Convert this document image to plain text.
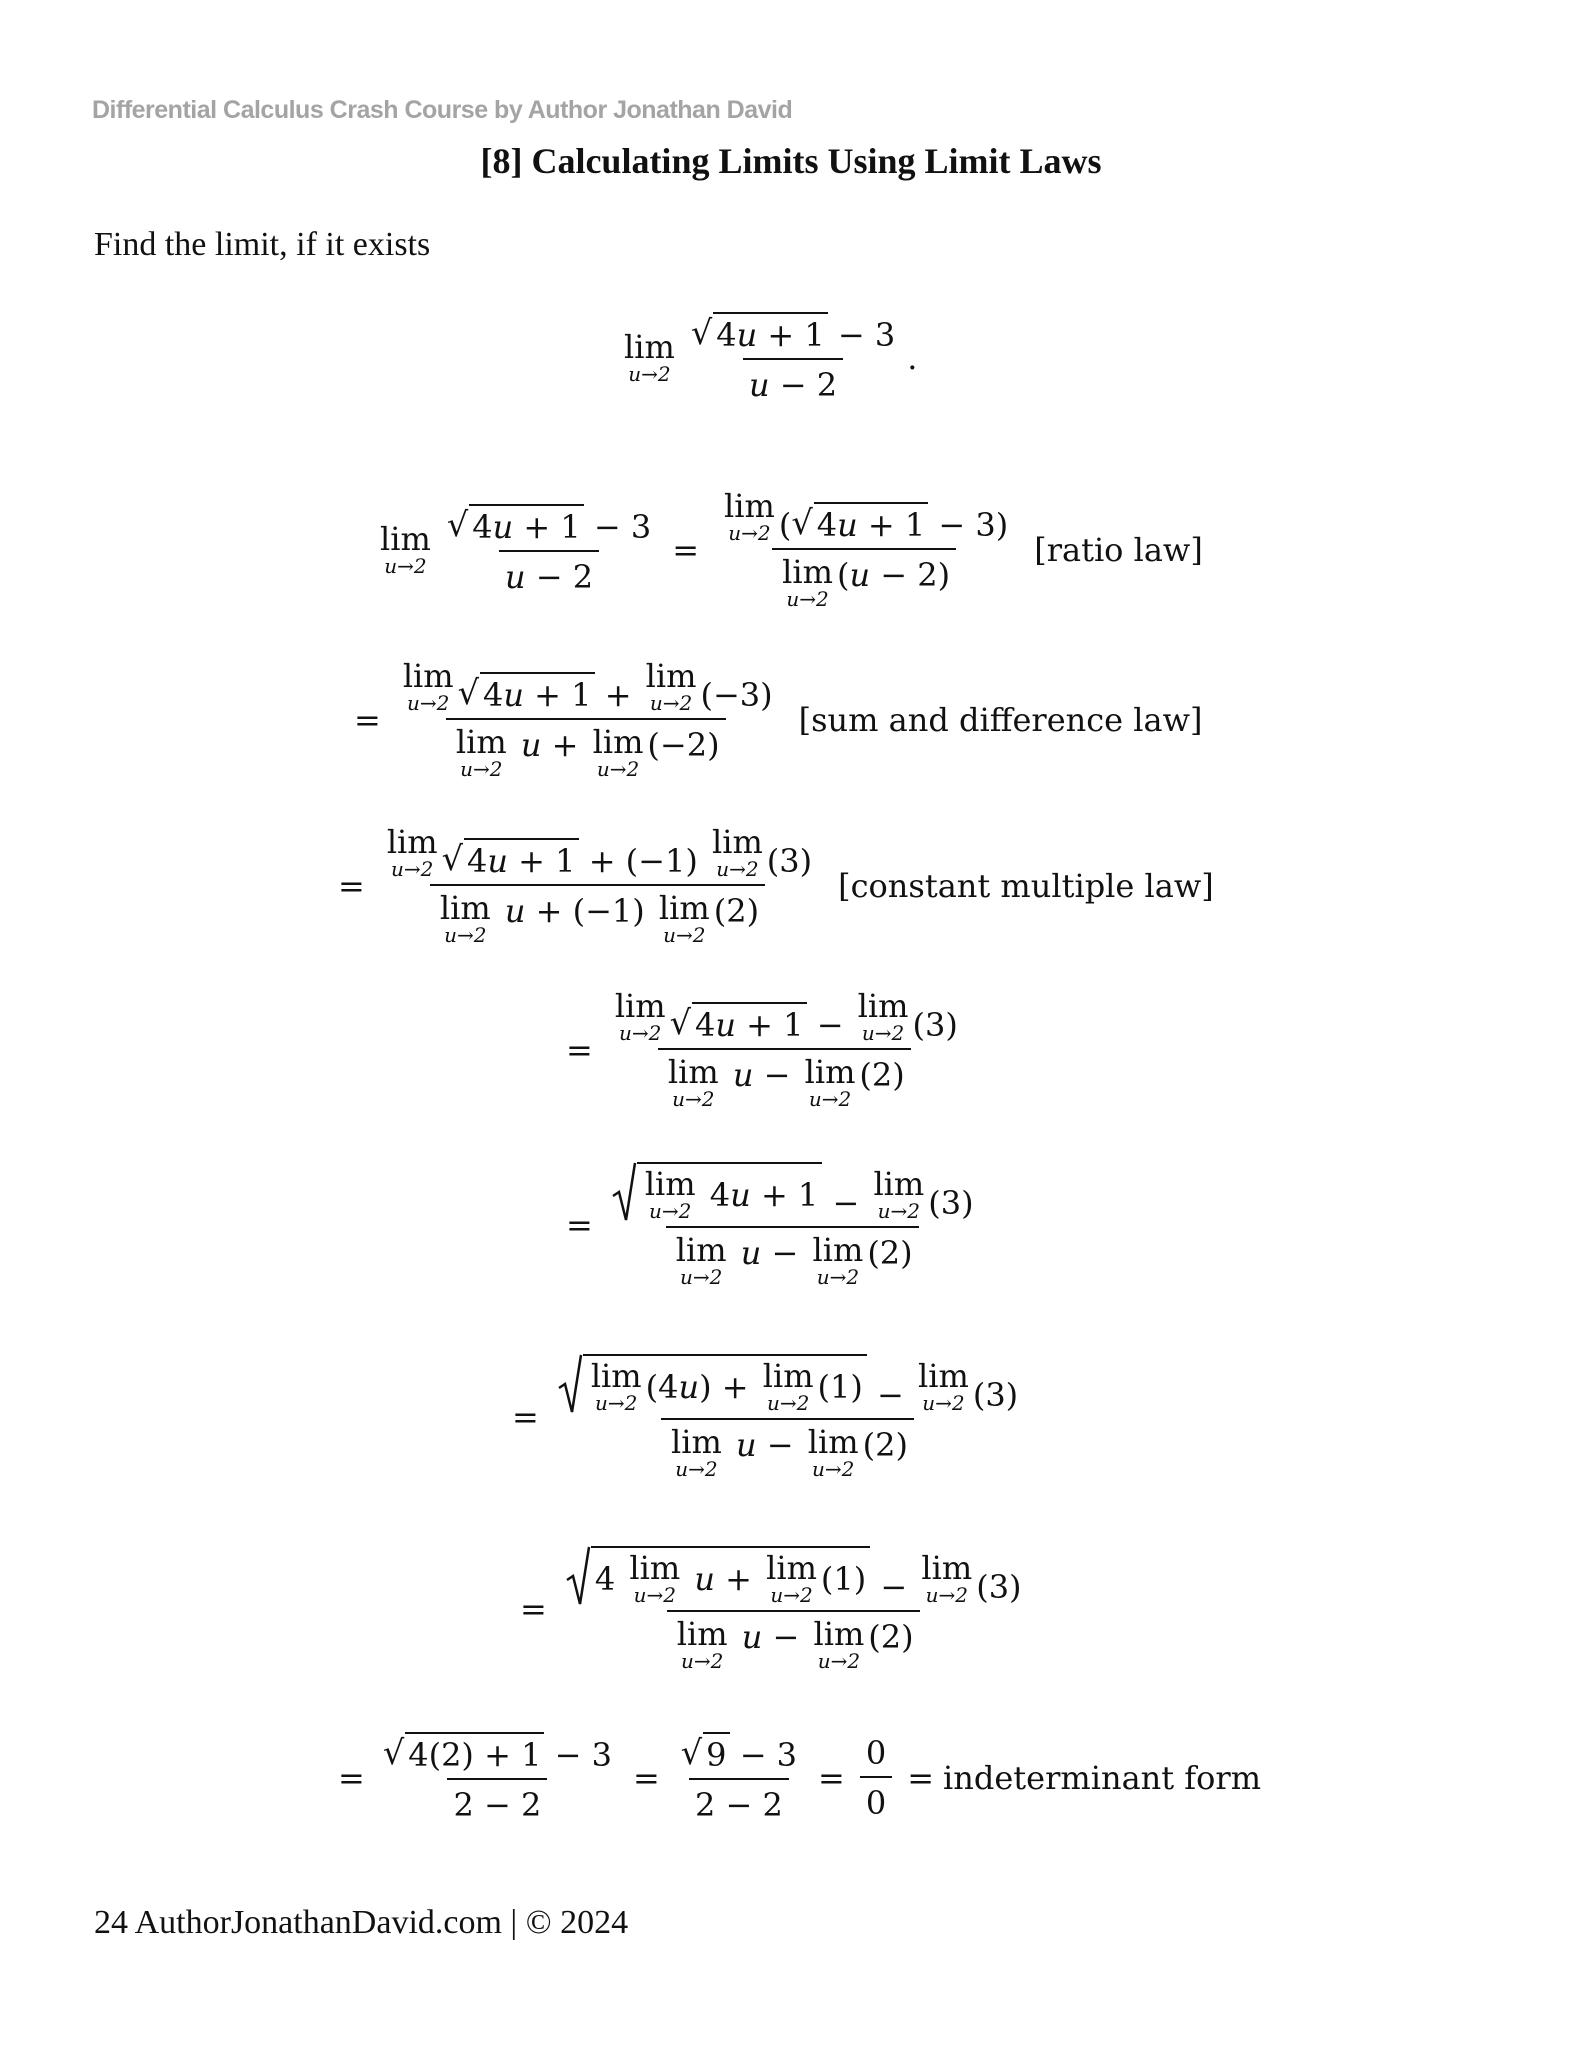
Differential Calculus Crash Course by Author Jonathan David
[8] Calculating Limits Using Limit Laws
Find the limit, if it exists
lim
$u\to 2 \frac{√ 4 u + 1 - 3}{u - 2}$ .
lim
$u\to 2 \frac{√ 4 u + 1 - 3}{u - 2} = \lim$
u→2 ( √ 4 u + 1 − 3)
lim
u→2
( u − 2) [ratio law]
= lim
u→2 √ 4 u + 1 + lim
u→2 (−3)
lim
u→2

u + lim
u→2
(−2) [sum and difference law]
= lim
u→2 √ 4 u + 1 + (−1) lim
u→2 (3)
lim
u→2

u + (−1) lim
u→2
(2) [constant multiple law]
= lim
u→2 √ 4 u + 1 − lim
u→2 (3)
lim
u→2

u − lim
u→2
(2)
= lim
u→2 4 u + 1 − lim
u→2 (3)
lim
u→2

u − lim
u→2
(2)
= lim
u→2 (4 u ) + lim
u→2 (1) − lim
u→2 (3)
lim
u→2

u − lim
u→2
(2)
= 4 lim
u→2
u + lim
u→2 (1) − lim
u→2 (3)
lim
u→2

u − lim
u→2
(2)
= $\frac{√ 4(2) + 1 - 3}{2 - 2} = \frac{√ 9 - 3}{2 - 2} = \frac{0}{0}$ = indeterminant form
24 AuthorJonathanDavid.com | © 2024
